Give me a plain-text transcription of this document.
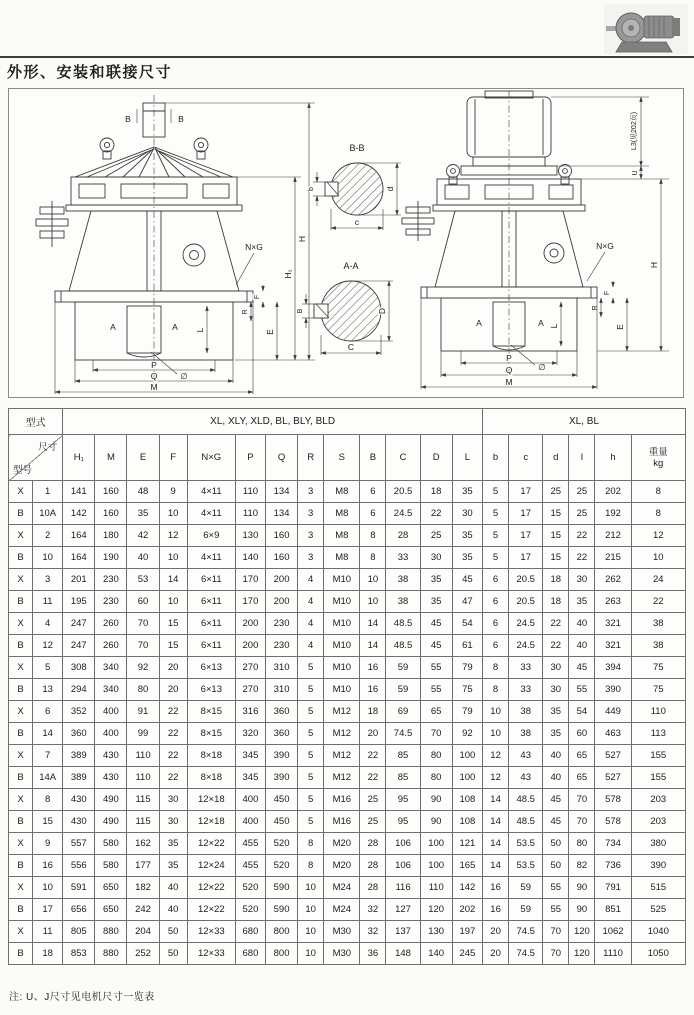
外形、安装和联接尺寸
B	B
H
H₁
N×G
F
R
E
L
A	A
∅
P
Q
M
B-B
b	d
c
A-A
B	D
C
L3(见202页)
U
H
N×G
F
R
E
L
A	A
∅
P
Q
M
型式		XL, XLY, XLD, BL, BLY, BLD													XL, BL					

尺寸
型号		H₁	M	E	F	N×G	P	Q	R	S	B	C	D	L	b	c	d	l	h	重量
kg

X	1	141	160	48	9	4×11	110	134	3	M8	6	20.5	18	35	5	17	25	25	202	8
B	10A	142	160	35	10	4×11	110	134	3	M8	6	24.5	22	30	5	17	15	25	192	8
X	2	164	180	42	12	6×9	130	160	3	M8	8	28	25	35	5	17	15	22	212	12
B	10	164	190	40	10	4×11	140	160	3	M8	8	33	30	35	5	17	15	22	215	10
X	3	201	230	53	14	6×11	170	200	4	M10	10	38	35	45	6	20.5	18	30	262	24
B	11	195	230	60	10	6×11	170	200	4	M10	10	38	35	47	6	20.5	18	35	263	22
X	4	247	260	70	15	6×11	200	230	4	M10	14	48.5	45	54	6	24.5	22	40	321	38
B	12	247	260	70	15	6×11	200	230	4	M10	14	48.5	45	61	6	24.5	22	40	321	38
X	5	308	340	92	20	6×13	270	310	5	M10	16	59	55	79	8	33	30	45	394	75
B	13	294	340	80	20	6×13	270	310	5	M10	16	59	55	75	8	33	30	55	390	75
X	6	352	400	91	22	8×15	316	360	5	M12	18	69	65	79	10	38	35	54	449	110
B	14	360	400	99	22	8×15	320	360	5	M12	20	74.5	70	92	10	38	35	60	463	113
X	7	389	430	110	22	8×18	345	390	5	M12	22	85	80	100	12	43	40	65	527	155
B	14A	389	430	110	22	8×18	345	390	5	M12	22	85	80	100	12	43	40	65	527	155
X	8	430	490	115	30	12×18	400	450	5	M16	25	95	90	108	14	48.5	45	70	578	203
B	15	430	490	115	30	12×18	400	450	5	M16	25	95	90	108	14	48.5	45	70	578	203
X	9	557	580	162	35	12×22	455	520	8	M20	28	106	100	121	14	53.5	50	80	734	380
B	16	556	580	177	35	12×24	455	520	8	M20	28	106	100	165	14	53.5	50	82	736	390
X	10	591	650	182	40	12×22	520	590	10	M24	28	116	110	142	16	59	55	90	791	515
B	17	656	650	242	40	12×22	520	590	10	M24	32	127	120	202	16	59	55	90	851	525
X	11	805	880	204	50	12×33	680	800	10	M30	32	137	130	197	20	74.5	70	120	1062	1040
B	18	853	880	252	50	12×33	680	800	10	M30	36	148	140	245	20	74.5	70	120	1110	1050
注: U、J尺寸见电机尺寸一览表
